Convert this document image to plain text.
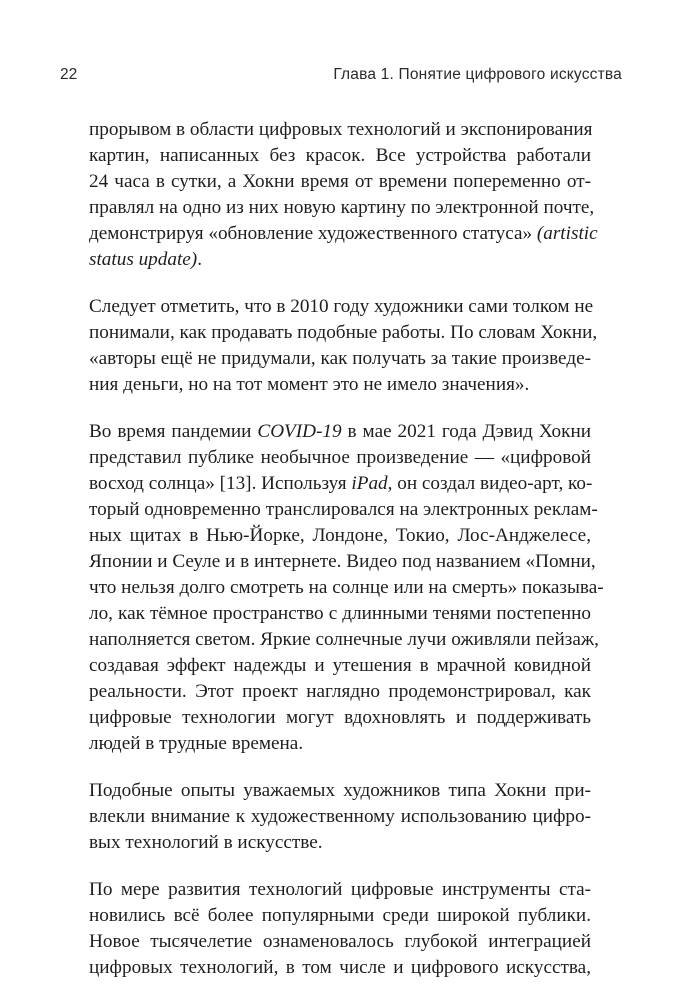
22	Глава 1. Понятие цифрового искусства

прорывом в области цифровых технологий и экспонирования
картин, написанных без красок. Все устройства работали
24 часа в сутки, а Хокни время от времени попеременно от-
правлял на одно из них новую картину по электронной почте,
демонстрируя «обновление художественного статуса» (artistic
status update).

Следует отметить, что в 2010 году художники сами толком не
понимали, как продавать подобные работы. По словам Хокни,
«авторы ещё не придумали, как получать за такие произведе-
ния деньги, но на тот момент это не имело значения».

Во время пандемии COVID-19 в мае 2021 года Дэвид Хокни
представил публике необычное произведение — «цифровой
восход солнца» [13]. Используя iPad, он создал видео-арт, ко-
торый одновременно транслировался на электронных реклам-
ных щитах в Нью-Йорке, Лондоне, Токио, Лос-Анджелесе,
Японии и Сеуле и в интернете. Видео под названием «Помни,
что нельзя долго смотреть на солнце или на смерть» показыва-
ло, как тёмное пространство с длинными тенями постепенно
наполняется светом. Яркие солнечные лучи оживляли пейзаж,
создавая эффект надежды и утешения в мрачной ковидной
реальности. Этот проект наглядно продемонстрировал, как
цифровые технологии могут вдохновлять и поддерживать
людей в трудные времена.

Подобные опыты уважаемых художников типа Хокни при-
влекли внимание к художественному использованию цифро-
вых технологий в искусстве.

По мере развития технологий цифровые инструменты ста-
новились всё более популярными среди широкой публики.
Новое тысячелетие ознаменовалось глубокой интеграцией
цифровых технологий, в том числе и цифрового искусства,
